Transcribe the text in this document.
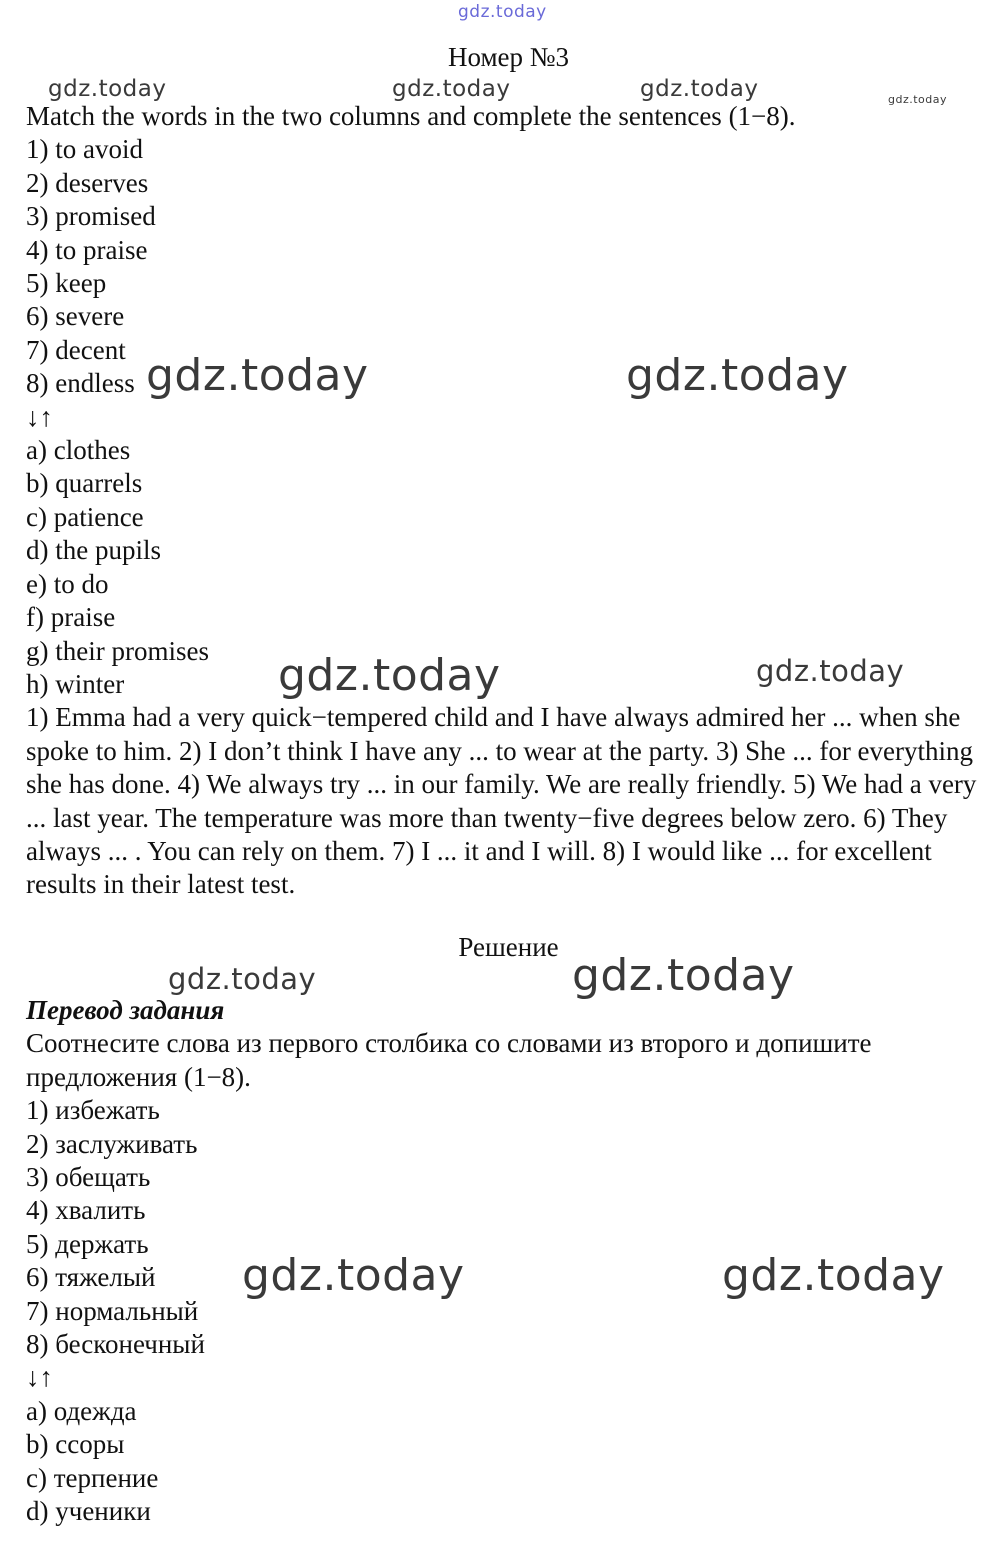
Номер №3
Match the words in the two columns and complete the sentences (1−8).
1) to avoid
2) deserves
3) promised
4) to praise
5) keep
6) severe
7) decent
8) endless
↓↑
a) clothes
b) quarrels
c) patience
d) the pupils
e) to do
f) praise
g) their promises
h) winter
1) Emma had a very quick−tempered child and I have always admired her ... when she spoke to him. 2) I don’t think I have any ... to wear at the party. 3) She ... for everything she has done. 4) We always try ... in our family. We are really friendly. 5) We had a very ... last year. The temperature was more than twenty−five degrees below zero. 6) They always ... . You can rely on them. 7) I ... it and I will. 8) I would like ... for excellent results in their latest test.
Решение
Перевод задания
Соотнесите слова из первого столбика со словами из второго и допишите предложения (1−8).
1) избежать
2) заслуживать
3) обещать
4) хвалить
5) держать
6) тяжелый
7) нормальный
8) бесконечный
↓↑
a) одежда
b) ссоры
c) терпение
d) ученики
gdz.today
gdz.today	gdz.today	gdz.today	gdz.today
gdz.today	gdz.today
gdz.today	gdz.today
gdz.today	gdz.today
gdz.today	gdz.today
